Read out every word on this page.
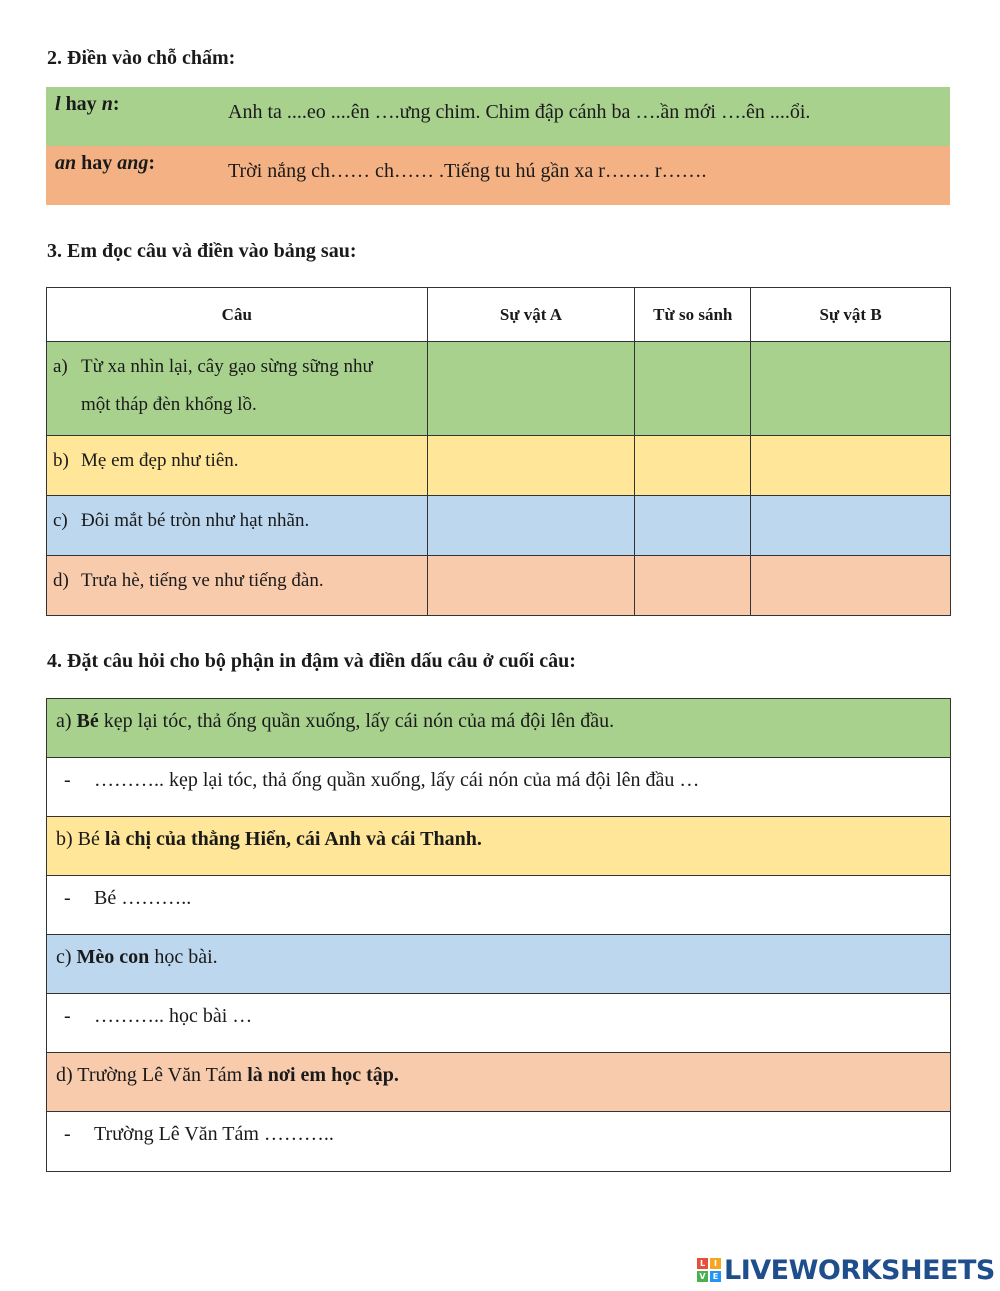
2. Điền vào chỗ chấm:
l hay n:	Anh ta ....eo ....ên ….ưng chim. Chim đập cánh ba ….ần mới ….ên ....ổi.
an hay ang:	Trời nắng ch…… ch…… .Tiếng tu hú gần xa r……. r…….
3. Em đọc câu và điền vào bảng sau:
Câu	Sự vật A	Từ so sánh	Sự vật B
a) Từ xa nhìn lại, cây gạo sừng sững như
một tháp đèn khổng lồ.			

b) Mẹ em đẹp như tiên.			
c) Đôi mắt bé tròn như hạt nhãn.			
d) Trưa hè, tiếng ve như tiếng đàn.			
4. Đặt câu hỏi cho bộ phận in đậm và điền dấu câu ở cuối câu:
a) Bé kẹp lại tóc, thả ống quần xuống, lấy cái nón của má đội lên đầu.
- ……….. kẹp lại tóc, thả ống quần xuống, lấy cái nón của má đội lên đầu …
b) Bé là chị của thằng Hiển, cái Anh và cái Thanh.
- Bé ………..
c) Mèo con học bài.
- ……….. học bài …
d) Trường Lê Văn Tám là nơi em học tập.
- Trường Lê Văn Tám ………..
L	I
V E LIVEWORKSHEETS
